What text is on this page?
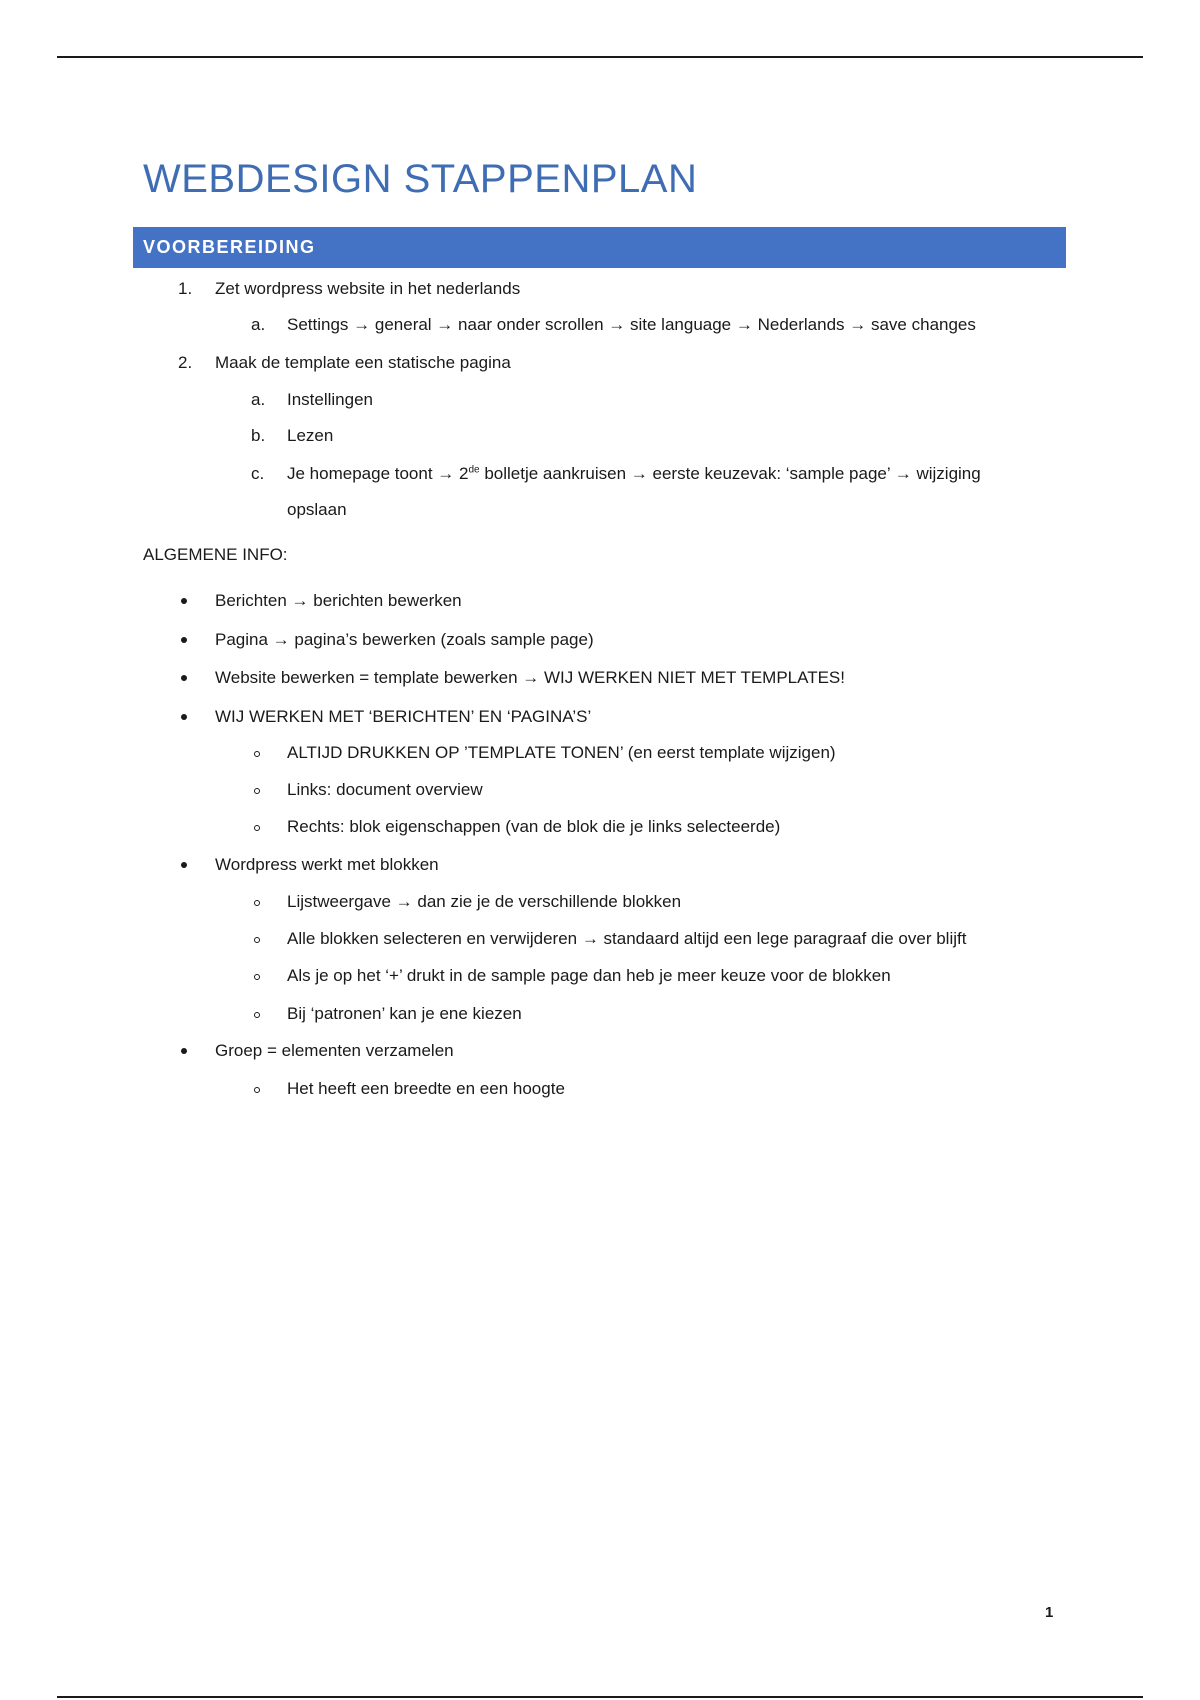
WEBDESIGN STAPPENPLAN
VOORBEREIDING
1. Zet wordpress website in het nederlands
a. Settings → general → naar onder scrollen → site language → Nederlands → save changes
2. Maak de template een statische pagina
a. Instellingen
b. Lezen
c. Je homepage toont → 2de bolletje aankruisen → eerste keuzevak: ‘sample page’ → wijziging
opslaan
ALGEMENE INFO:
Berichten → berichten bewerken
Pagina → pagina’s bewerken (zoals sample page)
Website bewerken = template bewerken → WIJ WERKEN NIET MET TEMPLATES!
WIJ WERKEN MET ‘BERICHTEN’ EN ‘PAGINA’S’
ALTIJD DRUKKEN OP ’TEMPLATE TONEN’ (en eerst template wijzigen)
Links: document overview
Rechts: blok eigenschappen (van de blok die je links selecteerde)
Wordpress werkt met blokken
Lijstweergave → dan zie je de verschillende blokken
Alle blokken selecteren en verwijderen → standaard altijd een lege paragraaf die over blijft
Als je op het ‘+’ drukt in de sample page dan heb je meer keuze voor de blokken
Bij ‘patronen’ kan je ene kiezen
Groep = elementen verzamelen
Het heeft een breedte en een hoogte
1
